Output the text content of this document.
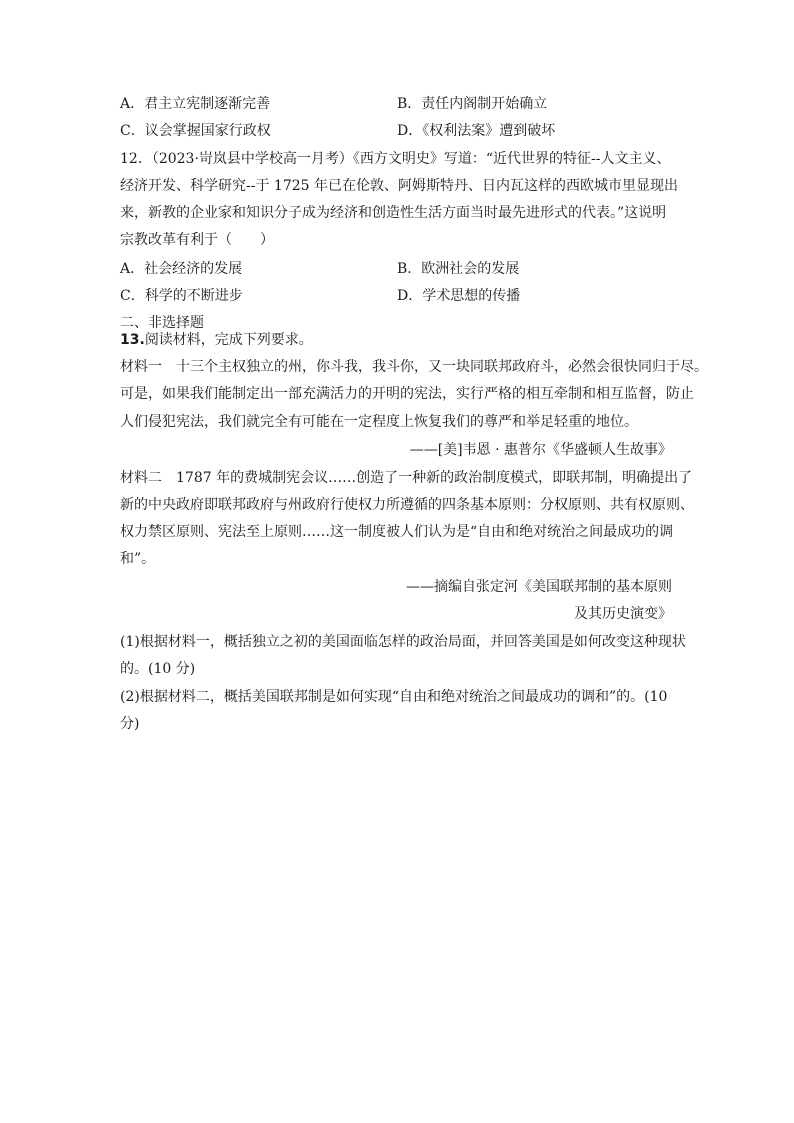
A．君主立宪制逐渐完善	B．责任内阁制开始确立
C．议会掌握国家行政权	D．《权利法案》遭到破坏
12．（2023·岢岚县中学校高一月考）《西方文明史》写道：“近代世界的特征--人文主义、
经济开发、科学研究--于 1725 年已在伦敦、阿姆斯特丹、日内瓦这样的西欧城市里显现出
来，新教的企业家和知识分子成为经济和创造性生活方面当时最先进形式的代表。”这说明
宗教改革有利于（　　）
A．社会经济的发展	B．欧洲社会的发展
C．科学的不断进步	D．学术思想的传播
二、非选择题
13.阅读材料，完成下列要求。
材料一　十三个主权独立的州，你斗我，我斗你，又一块同联邦政府斗，必然会很快同归于尽。
可是，如果我们能制定出一部充满活力的开明的宪法，实行严格的相互牵制和相互监督，防止
人们侵犯宪法，我们就完全有可能在一定程度上恢复我们的尊严和举足轻重的地位。
——[美]韦恩 · 惠普尔《华盛顿人生故事》
材料二　1787 年的费城制宪会议……创造了一种新的政治制度模式，即联邦制，明确提出了
新的中央政府即联邦政府与州政府行使权力所遵循的四条基本原则：分权原则、共有权原则、
权力禁区原则、宪法至上原则……这一制度被人们认为是“自由和绝对统治之间最成功的调
和”。
——摘编自张定河《美国联邦制的基本原则
及其历史演变》
(1)根据材料一，概括独立之初的美国面临怎样的政治局面，并回答美国是如何改变这种现状
的。(10 分)
(2)根据材料二，概括美国联邦制是如何实现“自由和绝对统治之间最成功的调和”的。(10
分)
